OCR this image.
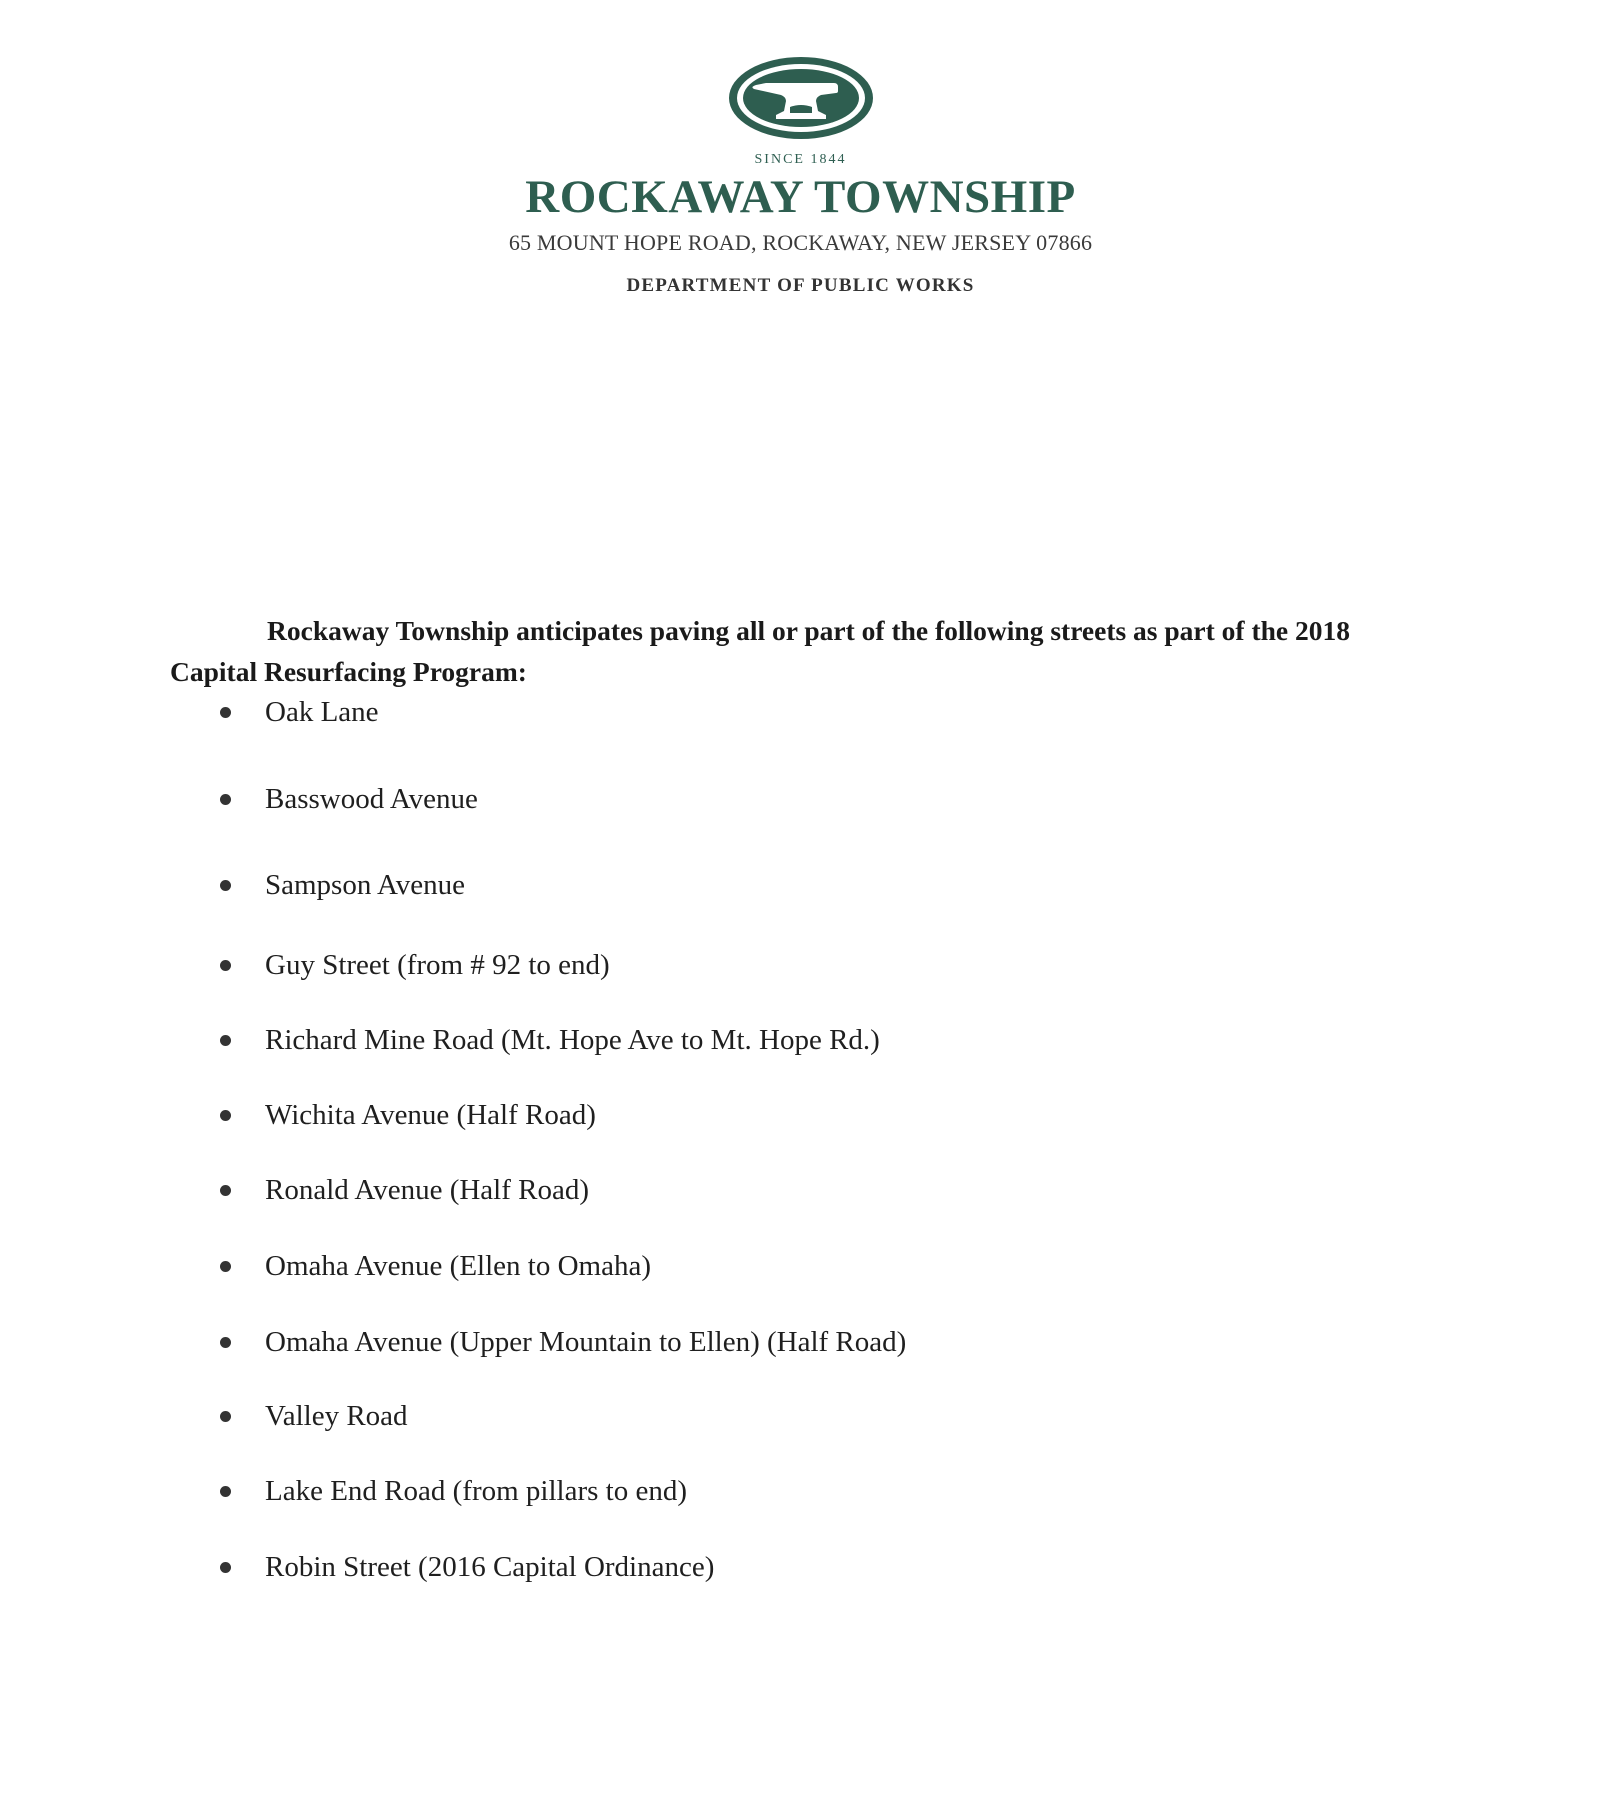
SINCE 1844
ROCKAWAY TOWNSHIP
65 MOUNT HOPE ROAD, ROCKAWAY, NEW JERSEY 07866
DEPARTMENT OF PUBLIC WORKS

Rockaway Township anticipates paving all or part of the following streets as part of the 2018 Capital Resurfacing Program:

Oak Lane
Basswood Avenue
Sampson Avenue
Guy Street (from # 92 to end)
Richard Mine Road (Mt. Hope Ave to Mt. Hope Rd.)
Wichita Avenue (Half Road)
Ronald Avenue (Half Road)
Omaha Avenue (Ellen to Omaha)
Omaha Avenue (Upper Mountain to Ellen) (Half Road)
Valley Road
Lake End Road (from pillars to end)
Robin Street (2016 Capital Ordinance)
